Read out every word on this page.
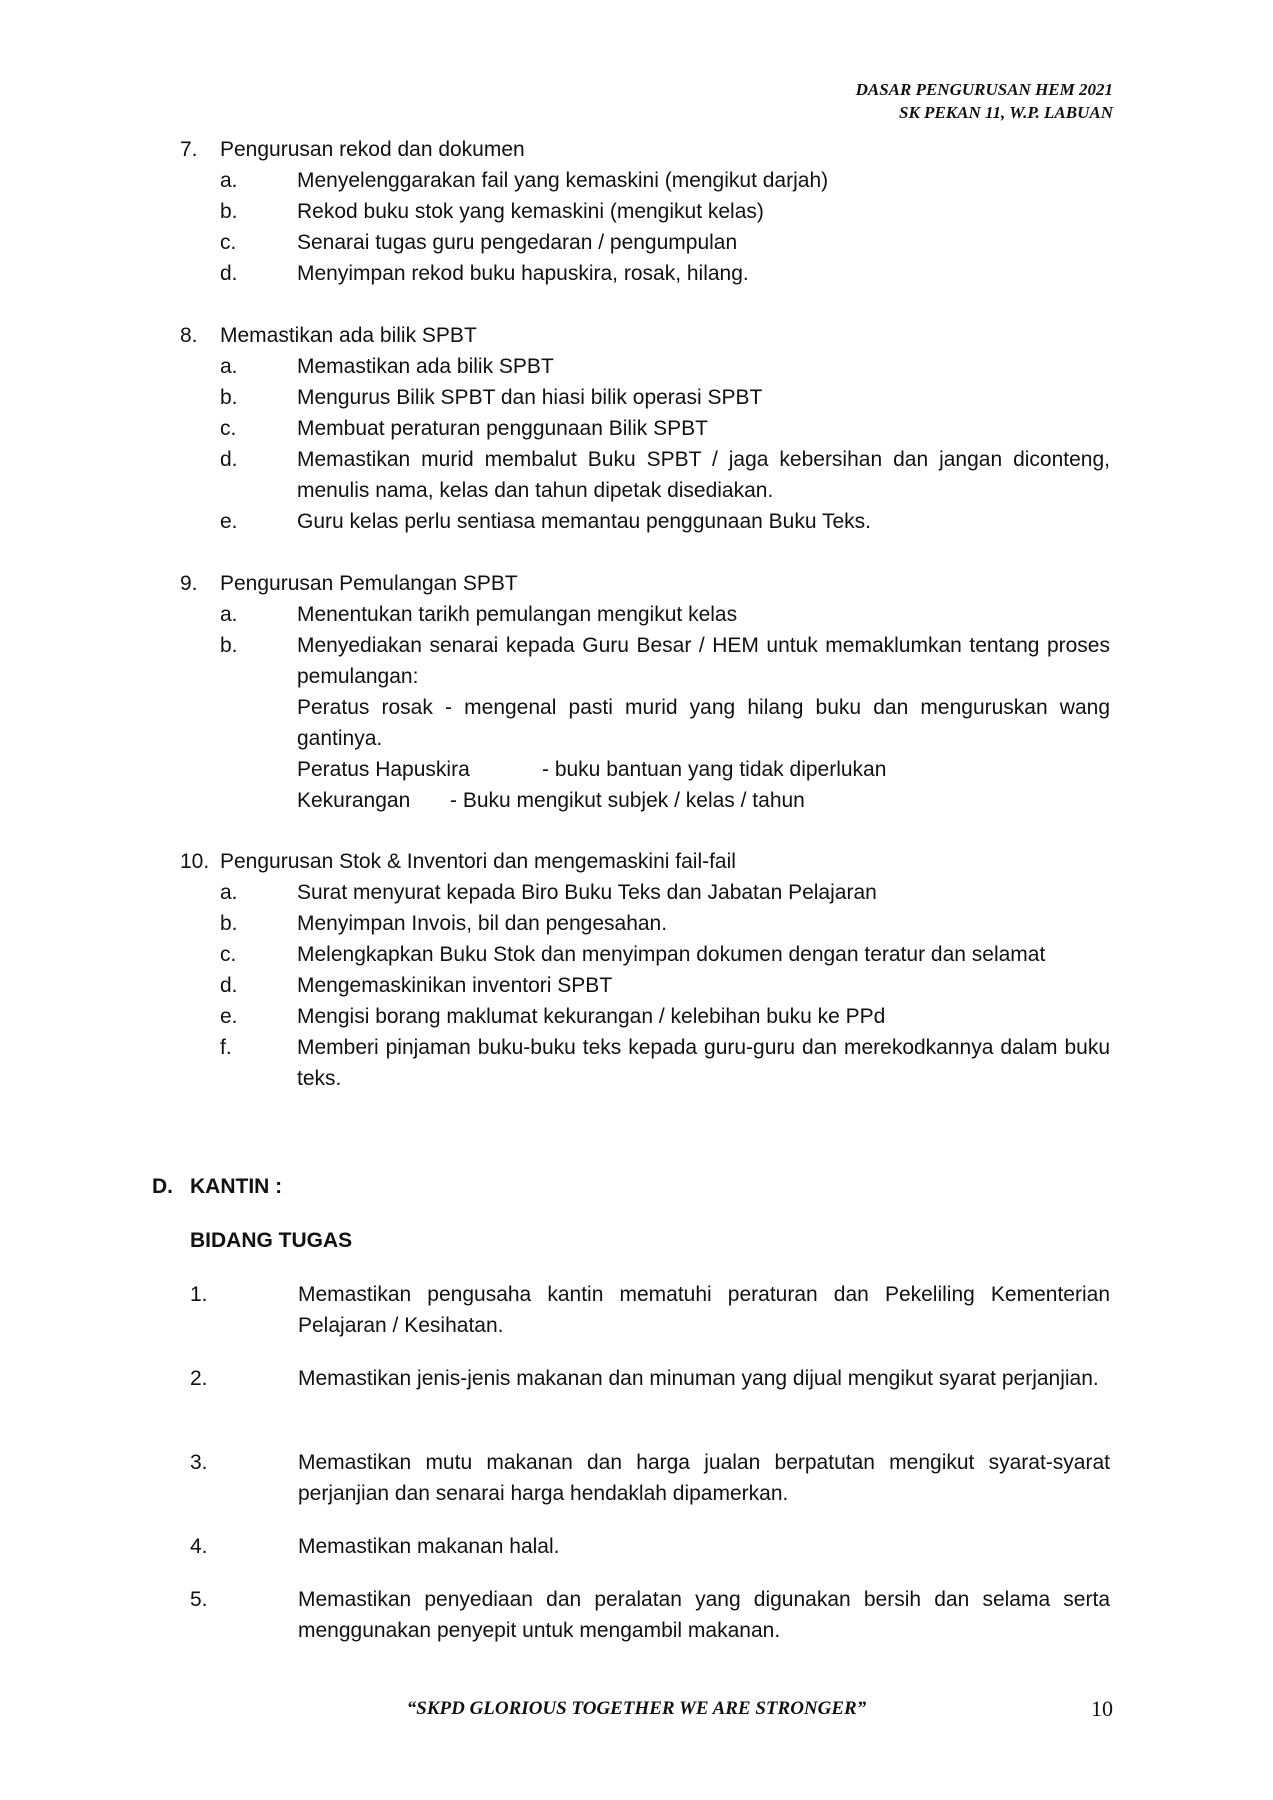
DASAR PENGURUSAN HEM 2021
SK PEKAN 11, W.P. LABUAN
7.	Pengurusan rekod dan dokumen
a.	Menyelenggarakan fail yang kemaskini (mengikut darjah)
b.	Rekod buku stok yang kemaskini (mengikut kelas)
c.	Senarai tugas guru pengedaran / pengumpulan
d.	Menyimpan rekod buku hapuskira, rosak, hilang.
8.	Memastikan ada bilik SPBT
a.	Memastikan ada bilik SPBT
b.	Mengurus Bilik SPBT dan hiasi bilik operasi SPBT
c.	Membuat peraturan penggunaan Bilik SPBT
d.	Memastikan murid membalut Buku SPBT / jaga kebersihan dan jangan diconteng, menulis nama, kelas dan tahun dipetak disediakan.
e.	Guru kelas perlu sentiasa memantau penggunaan Buku Teks.
9.	Pengurusan Pemulangan SPBT
a.	Menentukan tarikh pemulangan mengikut kelas
b.	Menyediakan senarai kepada Guru Besar / HEM untuk memaklumkan tentang proses pemulangan:
Peratus rosak - mengenal pasti murid yang hilang buku dan menguruskan wang gantinya.
Peratus Hapuskira	- buku bantuan yang tidak diperlukan
Kekurangan - Buku mengikut subjek / kelas / tahun
10. Pengurusan Stok & Inventori dan mengemaskini fail-fail
a.	Surat menyurat kepada Biro Buku Teks dan Jabatan Pelajaran
b.	Menyimpan Invois, bil dan pengesahan.
c.	Melengkapkan Buku Stok dan menyimpan dokumen dengan teratur dan selamat
d.	Mengemaskinikan inventori SPBT
e.	Mengisi borang maklumat kekurangan / kelebihan buku ke PPd
f.	Memberi pinjaman buku-buku teks kepada guru-guru dan merekodkannya dalam buku teks.
D. KANTIN :
BIDANG TUGAS
1.	Memastikan pengusaha kantin mematuhi peraturan dan Pekeliling Kementerian Pelajaran / Kesihatan.
2.	Memastikan jenis-jenis makanan dan minuman yang dijual mengikut syarat perjanjian.
3.	Memastikan mutu makanan dan harga jualan berpatutan mengikut syarat-syarat perjanjian dan senarai harga hendaklah dipamerkan.
4.	Memastikan makanan halal.
5.	Memastikan penyediaan dan peralatan yang digunakan bersih dan selama serta menggunakan penyepit untuk mengambil makanan.
“SKPD GLORIOUS TOGETHER WE ARE STRONGER”	10
